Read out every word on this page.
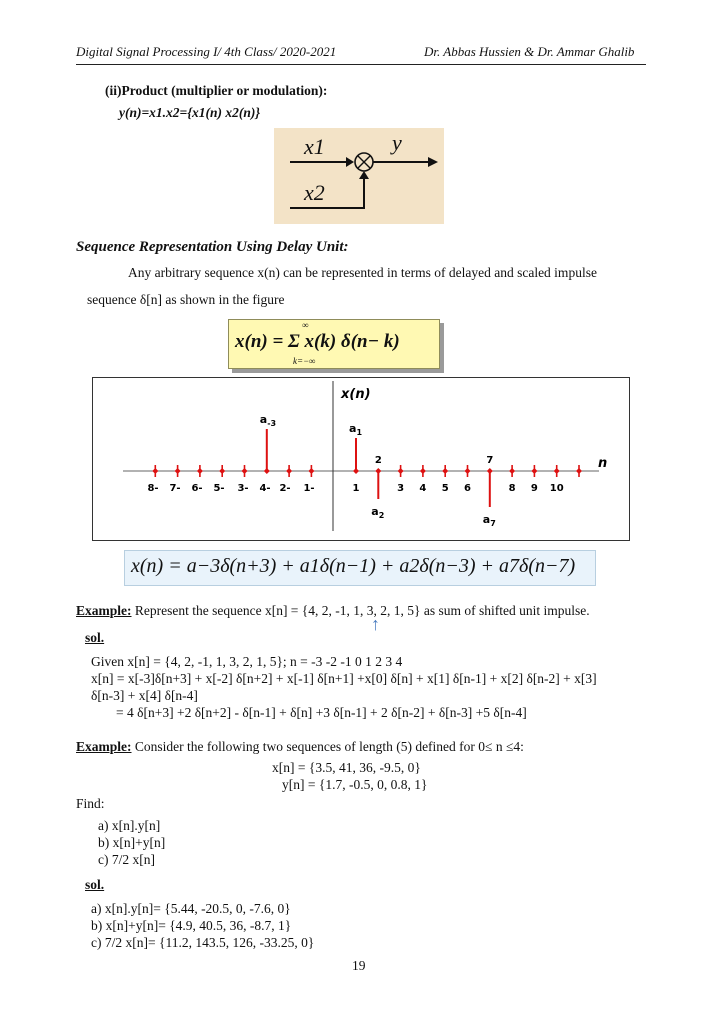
Digital Signal Processing I/ 4th Class/ 2020-2021	Dr. Abbas Hussien & Dr. Ammar Ghalib
(ii)Product (multiplier or modulation):
y(n)=x1.x2={x1(n) x2(n)}
x1	y
x2
Sequence Representation Using Delay Unit:
Any arbitrary sequence x(n) can be represented in terms of delayed and scaled impulse
sequence δ[n] as shown in the figure
x(n) = Σ x(k) δ(n− k)
∞
k=−∞
x(n)
n
8- 7- 6- 5- 3- 4- 2- 1-	1	3 4 5 6	8 9 10
$a_{-3}$	$a_1$
$a_2$
2
$a_7$
7
x(n) = a−3δ(n+3) + a1δ(n−1) + a2δ(n−3) + a7δ(n−7)
Example: Represent the sequence x[n] = {4, 2, -1, 1, 3, 2, 1, 5} as sum of shifted unit impulse.
↑
sol.
Given x[n] = {4, 2, -1, 1, 3, 2, 1, 5}; n = -3 -2 -1 0 1 2 3 4
x[n] = x[-3]δ[n+3] + x[-2] δ[n+2] + x[-1] δ[n+1] +x[0] δ[n] + x[1] δ[n-1] + x[2] δ[n-2] + x[3]
δ[n-3] + x[4] δ[n-4]
= 4 δ[n+3] +2 δ[n+2] - δ[n-1] + δ[n] +3 δ[n-1] + 2 δ[n-2] + δ[n-3] +5 δ[n-4]
Example: Consider the following two sequences of length (5) defined for 0≤ n ≤4:
x[n] = {3.5, 41, 36, -9.5, 0}
y[n] = {1.7, -0.5, 0, 0.8, 1}
Find:
a) x[n].y[n]
b) x[n]+y[n]
c) 7/2 x[n]
sol.
a) x[n].y[n]= {5.44, -20.5, 0, -7.6, 0}
b) x[n]+y[n]= {4.9, 40.5, 36, -8.7, 1}
c) 7/2 x[n]= {11.2, 143.5, 126, -33.25, 0}
19
